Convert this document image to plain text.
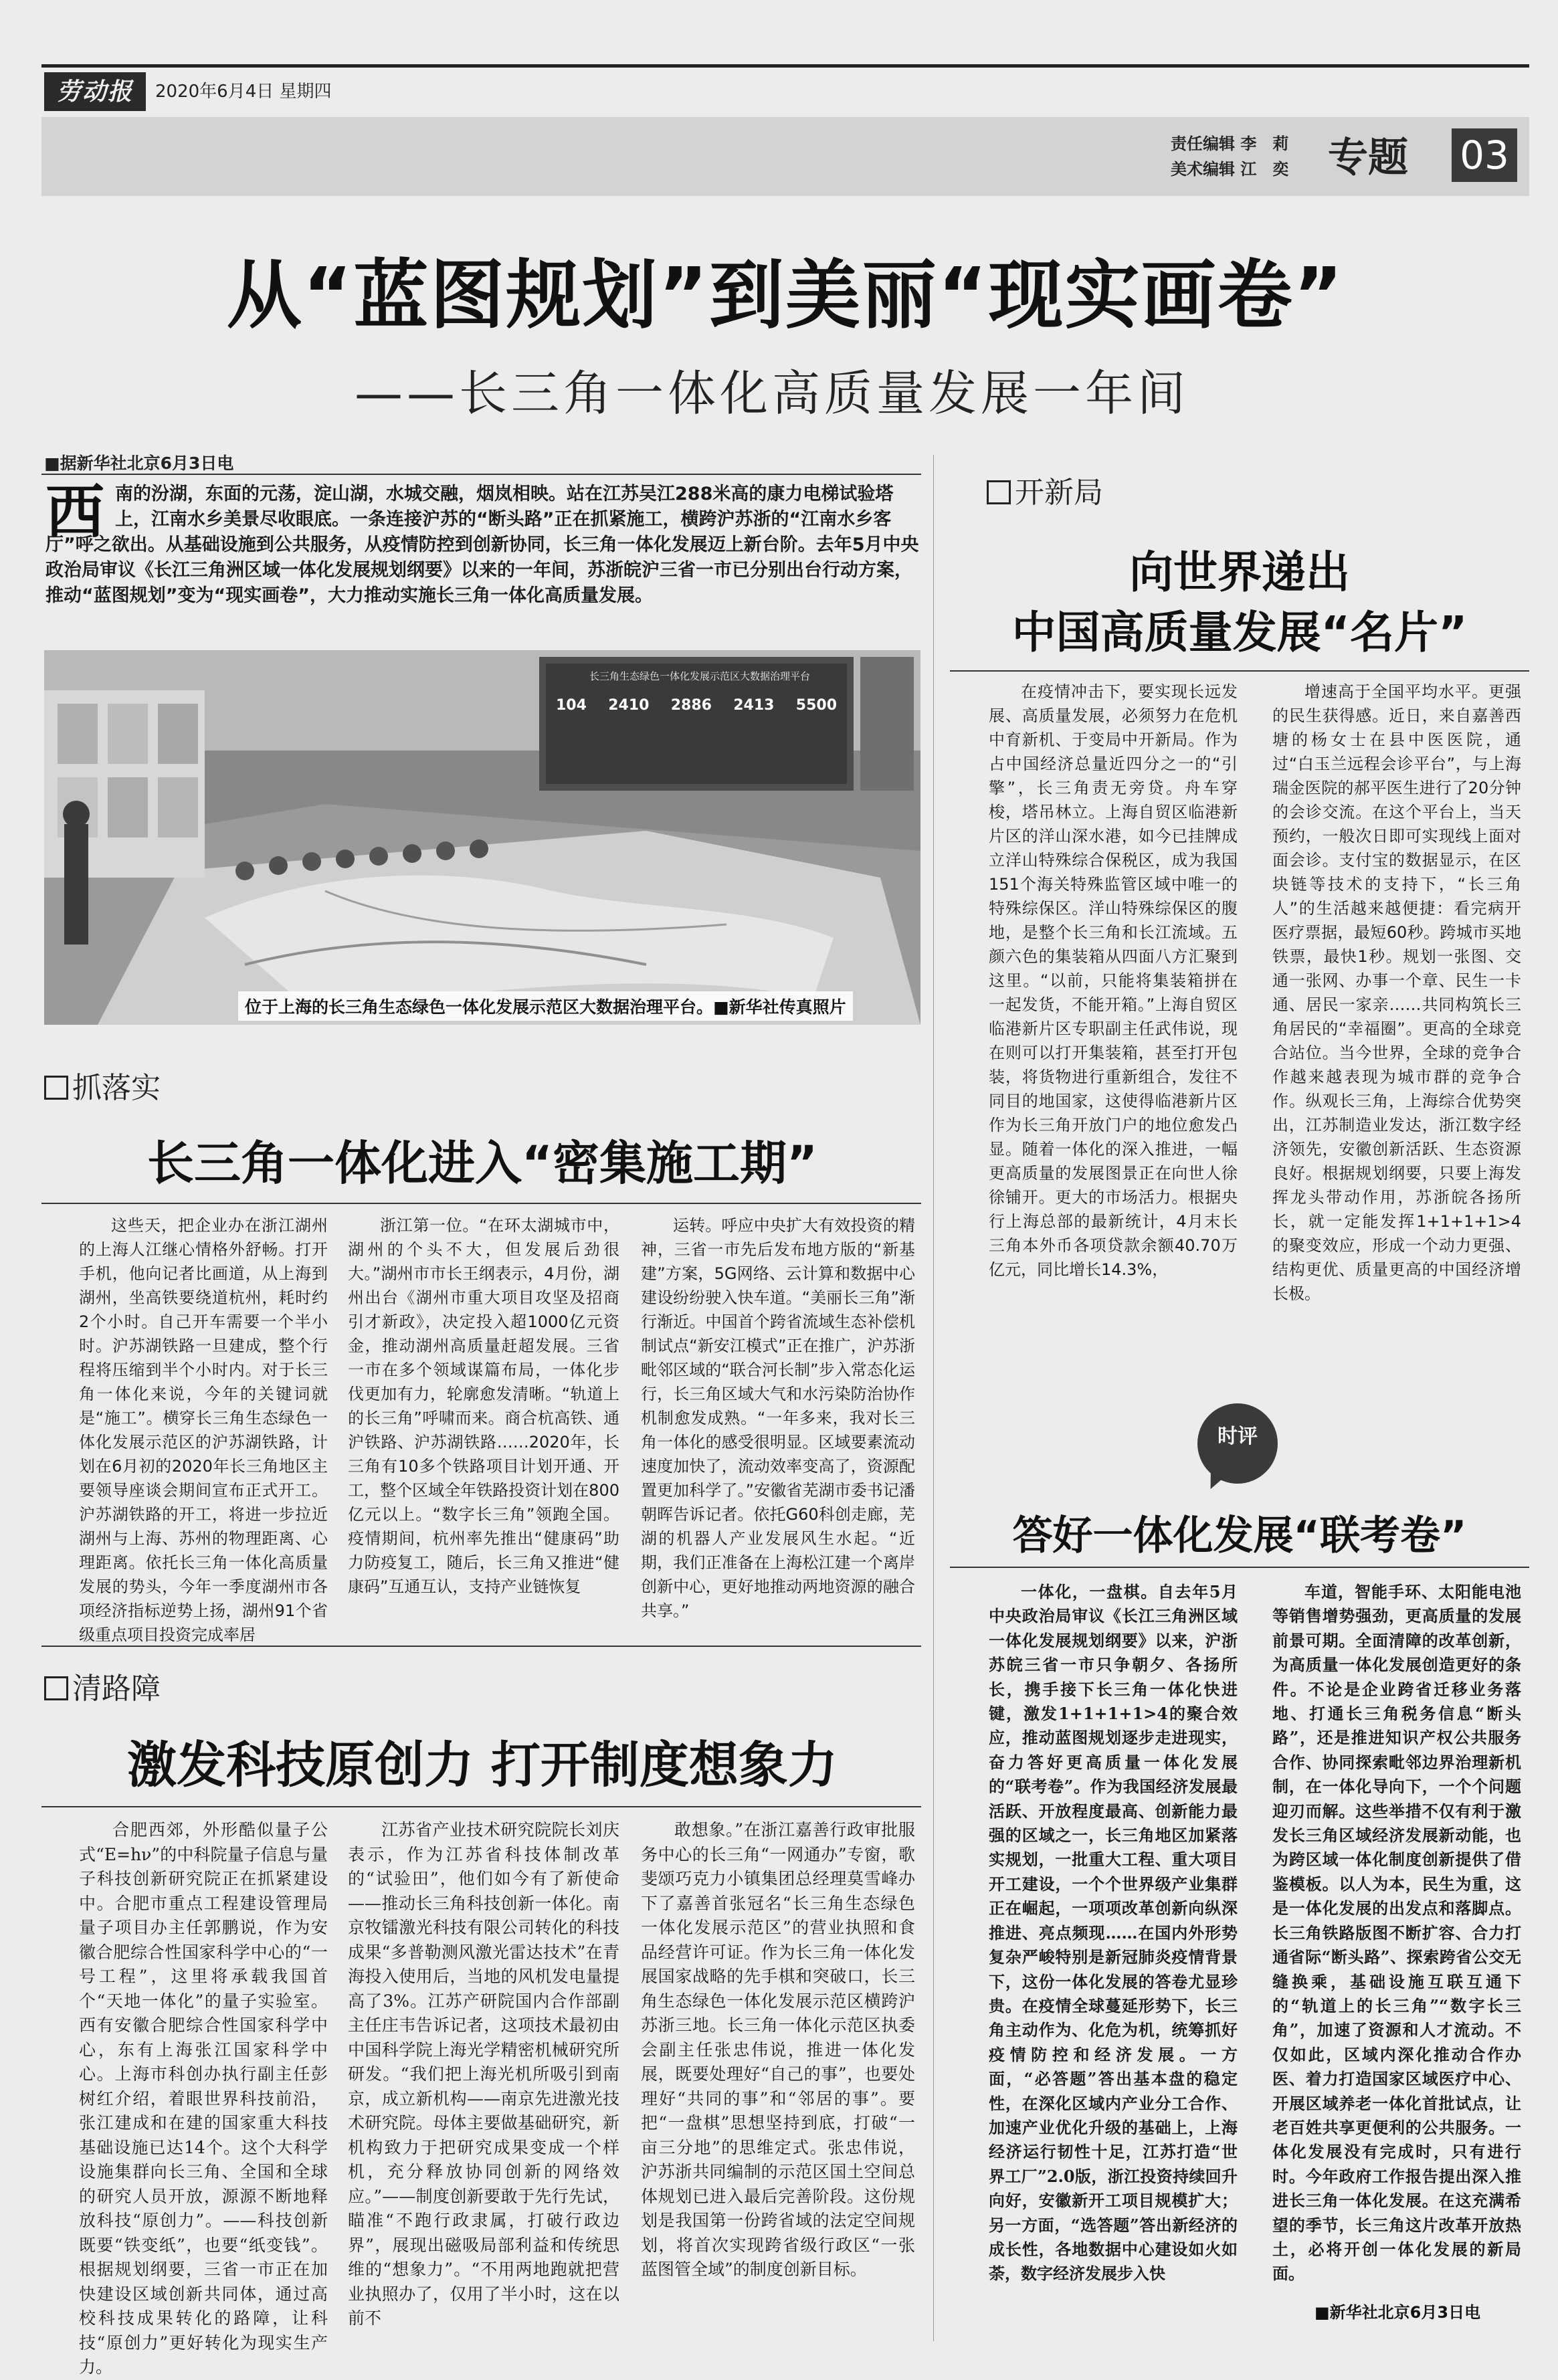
劳动报	2020年6月4日 星期四
责任编辑 李　莉
美术编辑 江　奕 专题 03
从“蓝图规划”到美丽“现实画卷”
——长三角一体化高质量发展一年间
■据新华社北京6月3日电
西 南的汾湖，东面的元荡，淀山湖，水城交融，烟岚相映。站在江苏吴江288米高的康力电梯试验塔上，江南水乡美景尽收眼底。一条连接沪苏的“断头路”正在抓紧施工，横跨沪苏浙的“江南水乡客厅”呼之欲出。从基础设施到公共服务，从疫情防控到创新协同，长三角一体化发展迈上新台阶。去年5月中央政治局审议《长江三角洲区域一体化发展规划纲要》以来的一年间，苏浙皖沪三省一市已分别出台行动方案，推动“蓝图规划”变为“现实画卷”，大力推动实施长三角一体化高质量发展。
长三角生态绿色一体化发展示范区大数据治理平台
104 2410 2886 2413 5500
位于上海的长三角生态绿色一体化发展示范区大数据治理平台。■新华社传真照片
抓落实
长三角一体化进入“密集施工期”

这些天，把企业办在浙江湖州的上海人江继心情格外舒畅。打开手机，他向记者比画道，从上海到湖州，坐高铁要绕道杭州，耗时约2个小时。自己开车需要一个半小时。沪苏湖铁路一旦建成，整个行程将压缩到半个小时内。对于长三角一体化来说，今年的关键词就是“施工”。横穿长三角生态绿色一体化发展示范区的沪苏湖铁路，计划在6月初的2020年长三角地区主要领导座谈会期间宣布正式开工。沪苏湖铁路的开工，将进一步拉近湖州与上海、苏州的物理距离、心理距离。依托长三角一体化高质量发展的势头，今年一季度湖州市各项经济指标逆势上扬，湖州91个省级重点项目投资完成率居

浙江第一位。“在环太湖城市中，湖州的个头不大，但发展后劲很大。”湖州市市长王纲表示，4月份，湖州出台《湖州市重大项目攻坚及招商引才新政》，决定投入超1000亿元资金，推动湖州高质量赶超发展。三省一市在多个领域谋篇布局，一体化步伐更加有力，轮廓愈发清晰。“轨道上的长三角”呼啸而来。商合杭高铁、通沪铁路、沪苏湖铁路……2020年，长三角有10多个铁路项目计划开通、开工，整个区域全年铁路投资计划在800亿元以上。“数字长三角”领跑全国。疫情期间，杭州率先推出“健康码”助力防疫复工，随后，长三角又推进“健康码”互通互认，支持产业链恢复

运转。呼应中央扩大有效投资的精神，三省一市先后发布地方版的“新基建”方案，5G网络、云计算和数据中心建设纷纷驶入快车道。“美丽长三角”渐行渐近。中国首个跨省流域生态补偿机制试点“新安江模式”正在推广，沪苏浙毗邻区域的“联合河长制”步入常态化运行，长三角区域大气和水污染防治协作机制愈发成熟。“一年多来，我对长三角一体化的感受很明显。区域要素流动速度加快了，流动效率变高了，资源配置更加科学了。”安徽省芜湖市委书记潘朝晖告诉记者。依托G60科创走廊，芜湖的机器人产业发展风生水起。“近期，我们正准备在上海松江建一个离岸创新中心，更好地推动两地资源的融合共享。”

清路障
激发科技原创力 打开制度想象力

合肥西郊，外形酷似量子公式“E=hν”的中科院量子信息与量子科技创新研究院正在抓紧建设中。合肥市重点工程建设管理局量子项目办主任郭鹏说，作为安徽合肥综合性国家科学中心的“一号工程”，这里将承载我国首个“天地一体化”的量子实验室。西有安徽合肥综合性国家科学中心，东有上海张江国家科学中心。上海市科创办执行副主任彭树红介绍，着眼世界科技前沿，张江建成和在建的国家重大科技基础设施已达14个。这个大科学设施集群向长三角、全国和全球的研究人员开放，源源不断地释放科技“原创力”。——科技创新既要“铁变纸”，也要“纸变钱”。根据规划纲要，三省一市正在加快建设区域创新共同体，通过高校科技成果转化的路障，让科技“原创力”更好转化为现实生产力。

江苏省产业技术研究院院长刘庆表示，作为江苏省科技体制改革的“试验田”，他们如今有了新使命——推动长三角科技创新一体化。南京牧镭激光科技有限公司转化的科技成果“多普勒测风激光雷达技术”在青海投入使用后，当地的风机发电量提高了3%。江苏产研院国内合作部副主任庄韦告诉记者，这项技术最初由中国科学院上海光学精密机械研究所研发。“我们把上海光机所吸引到南京，成立新机构——南京先进激光技术研究院。母体主要做基础研究，新机构致力于把研究成果变成一个样机，充分释放协同创新的网络效应。”——制度创新要敢于先行先试，瞄准“不跑行政隶属，打破行政边界”，展现出磁吸局部利益和传统思维的“想象力”。“不用两地跑就把营业执照办了，仅用了半小时，这在以前不

敢想象。”在浙江嘉善行政审批服务中心的长三角“一网通办”专窗，歌斐颂巧克力小镇集团总经理莫雪峰办下了嘉善首张冠名“长三角生态绿色一体化发展示范区”的营业执照和食品经营许可证。作为长三角一体化发展国家战略的先手棋和突破口，长三角生态绿色一体化发展示范区横跨沪苏浙三地。长三角一体化示范区执委会副主任张忠伟说，推进一体化发展，既要处理好“自己的事”，也要处理好“共同的事”和“邻居的事”。要把“一盘棋”思想坚持到底，打破“一亩三分地”的思维定式。张忠伟说，沪苏浙共同编制的示范区国土空间总体规划已进入最后完善阶段。这份规划是我国第一份跨省域的法定空间规划，将首次实现跨省级行政区“一张蓝图管全域”的制度创新目标。

开新局
向世界递出
中国高质量发展“名片”

在疫情冲击下，要实现长远发展、高质量发展，必须努力在危机中育新机、于变局中开新局。作为占中国经济总量近四分之一的“引擎”，长三角责无旁贷。舟车穿梭，塔吊林立。上海自贸区临港新片区的洋山深水港，如今已挂牌成立洋山特殊综合保税区，成为我国151个海关特殊监管区域中唯一的特殊综保区。洋山特殊综保区的腹地，是整个长三角和长江流域。五颜六色的集装箱从四面八方汇聚到这里。“以前，只能将集装箱拼在一起发货，不能开箱。”上海自贸区临港新片区专职副主任武伟说，现在则可以打开集装箱，甚至打开包装，将货物进行重新组合，发往不同目的地国家，这使得临港新片区作为长三角开放门户的地位愈发凸显。随着一体化的深入推进，一幅更高质量的发展图景正在向世人徐徐铺开。更大的市场活力。根据央行上海总部的最新统计，4月末长三角本外币各项贷款余额40.70万亿元，同比增长14.3%，

增速高于全国平均水平。更强的民生获得感。近日，来自嘉善西塘的杨女士在县中医医院，通过“白玉兰远程会诊平台”，与上海瑞金医院的郝平医生进行了20分钟的会诊交流。在这个平台上，当天预约，一般次日即可实现线上面对面会诊。支付宝的数据显示，在区块链等技术的支持下，“长三角人”的生活越来越便捷：看完病开医疗票据，最短60秒。跨城市买地铁票，最快1秒。规划一张图、交通一张网、办事一个章、民生一卡通、居民一家亲……共同构筑长三角居民的“幸福圈”。更高的全球竞合站位。当今世界，全球的竞争合作越来越表现为城市群的竞争合作。纵观长三角，上海综合优势突出，江苏制造业发达，浙江数字经济领先，安徽创新活跃、生态资源良好。根据规划纲要，只要上海发挥龙头带动作用，苏浙皖各扬所长，就一定能发挥1+1+1+1>4的聚变效应，形成一个动力更强、结构更优、质量更高的中国经济增长极。

时评
答好一体化发展“联考卷”

一体化，一盘棋。自去年5月中央政治局审议《长江三角洲区域一体化发展规划纲要》以来，沪浙苏皖三省一市只争朝夕、各扬所长，携手接下长三角一体化快进键，激发1+1+1+1>4的聚合效应，推动蓝图规划逐步走进现实，奋力答好更高质量一体化发展的“联考卷”。作为我国经济发展最活跃、开放程度最高、创新能力最强的区域之一，长三角地区加紧落实规划，一批重大工程、重大项目开工建设，一个个世界级产业集群正在崛起，一项项改革创新向纵深推进、亮点频现……在国内外形势复杂严峻特别是新冠肺炎疫情背景下，这份一体化发展的答卷尤显珍贵。在疫情全球蔓延形势下，长三角主动作为、化危为机，统筹抓好疫情防控和经济发展。一方面，“必答题”答出基本盘的稳定性，在深化区域内产业分工合作、加速产业优化升级的基础上，上海经济运行韧性十足，江苏打造“世界工厂”2.0版，浙江投资持续回升向好，安徽新开工项目规模扩大；另一方面，“选答题”答出新经济的成长性，各地数据中心建设如火如荼，数字经济发展步入快

车道，智能手环、太阳能电池等销售增势强劲，更高质量的发展前景可期。全面清障的改革创新，为高质量一体化发展创造更好的条件。不论是企业跨省迁移业务落地、打通长三角税务信息“断头路”，还是推进知识产权公共服务合作、协同探索毗邻边界治理新机制，在一体化导向下，一个个问题迎刃而解。这些举措不仅有利于激发长三角区域经济发展新动能，也为跨区域一体化制度创新提供了借鉴模板。以人为本，民生为重，这是一体化发展的出发点和落脚点。长三角铁路版图不断扩容、合力打通省际“断头路”、探索跨省公交无缝换乘，基础设施互联互通下的“轨道上的长三角”“数字长三角”，加速了资源和人才流动。不仅如此，区域内深化推动合作办医、着力打造国家区域医疗中心、开展区域养老一体化首批试点，让老百姓共享更便利的公共服务。一体化发展没有完成时，只有进行时。今年政府工作报告提出深入推进长三角一体化发展。在这充满希望的季节，长三角这片改革开放热土，必将开创一体化发展的新局面。

■新华社北京6月3日电
